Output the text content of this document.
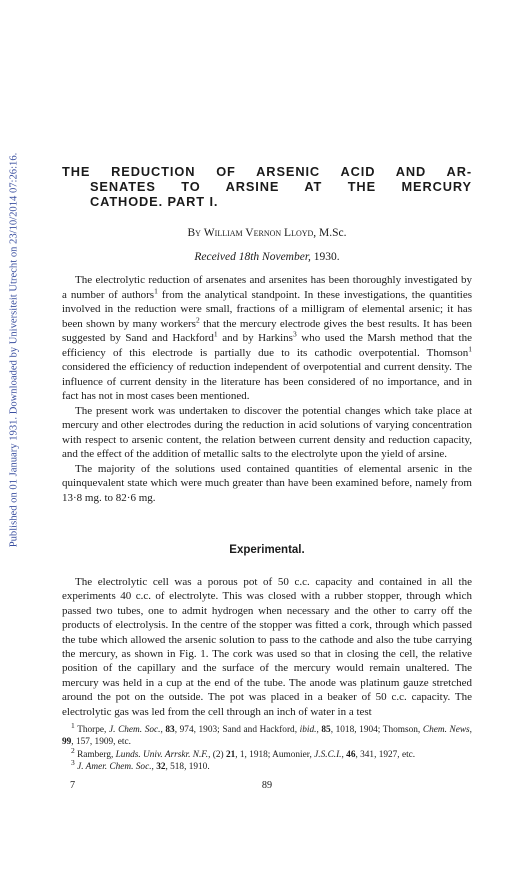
Published on 01 January 1931. Downloaded by Universiteit Utrecht on 23/10/2014 07:26:16.	THE REDUCTION OF ARSENIC ACID AND AR-
SENATES TO ARSINE AT THE MERCURY
CATHODE. PART I.
By William Vernon Lloyd, M.Sc.
Received 18th November, 1930.

The electrolytic reduction of arsenates and arsenites has been thoroughly investigated by a number of authors$^1$ from the analytical standpoint. In these investigations, the quantities involved in the reduction were small, fractions of a milligram of elemental arsenic; it has been shown by many workers$^2$ that the mercury electrode gives the best results. It has been suggested by Sand and Hackford$^1$ and by Harkins$^3$ who used the Marsh method that the efficiency of this electrode is partially due to its cathodic overpotential. Thomson$^1$ considered the efficiency of reduction independent of overpotential and current density. The influence of current density in the literature has been considered of no importance, and in fact has not in most cases been mentioned.

The present work was undertaken to discover the potential changes which take place at mercury and other electrodes during the reduction in acid solutions of varying concentration with respect to arsenic content, the relation between current density and reduction capacity, and the effect of the addition of metallic salts to the electrolyte upon the yield of arsine.

The majority of the solutions used contained quantities of elemental arsenic in the quinquevalent state which were much greater than have been examined before, namely from 13·8 mg. to 82·6 mg.

Experimental.

The electrolytic cell was a porous pot of 50 c.c. capacity and contained in all the experiments 40 c.c. of electrolyte. This was closed with a rubber stopper, through which passed two tubes, one to admit hydrogen when necessary and the other to carry off the products of electrolysis. In the centre of the stopper was fitted a cork, through which passed the tube which allowed the arsenic solution to pass to the cathode and also the tube carrying the mercury, as shown in Fig. 1. The cork was used so that in closing the cell, the relative position of the capillary and the surface of the mercury would remain unaltered. The mercury was held in a cup at the end of the tube. The anode was platinum gauze stretched around the pot on the outside. The pot was placed in a beaker of 50 c.c. capacity. The electrolytic gas was led from the cell through an inch of water in a test

$^1$ Thorpe, J. Chem. Soc., 83, 974, 1903; Sand and Hackford, ibid., 85, 1018, 1904; Thomson, Chem. News, 99, 157, 1909, etc.

$^2$ Ramberg, Lunds. Univ. Arrskr. N.F., (2) 21, 1, 1918; Aumonier, J.S.C.I., 46, 341, 1927, etc.

$^3$ J. Amer. Chem. Soc., 32, 518, 1910.

7	89
